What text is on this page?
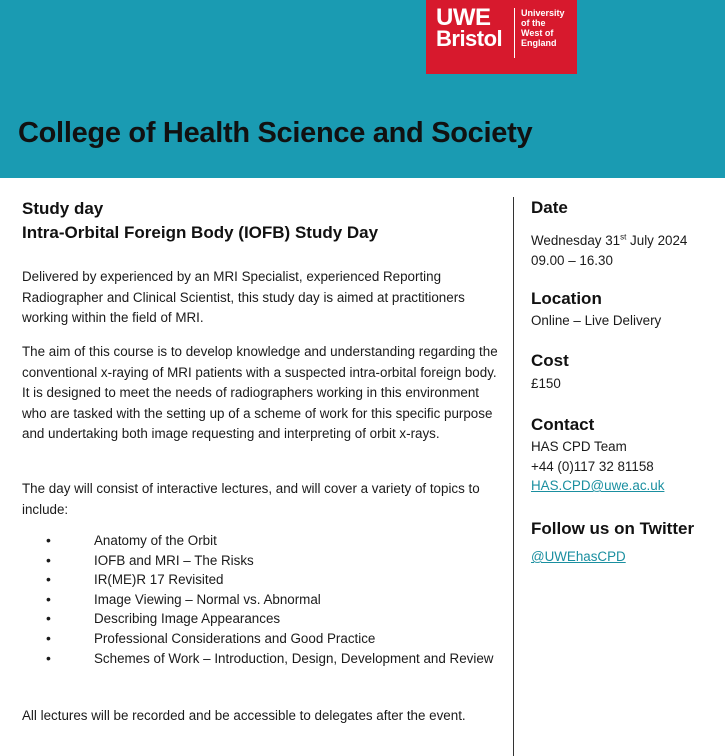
UWE
Bristol
University
of the
West of
England
College of Health Science and Society

Study day

Intra-Orbital Foreign Body (IOFB) Study Day

Delivered by experienced by an MRI Specialist, experienced Reporting Radiographer and Clinical Scientist, this study day is aimed at practitioners working within the field of MRI.

The aim of this course is to develop knowledge and understanding regarding the conventional x-raying of MRI patients with a suspected intra-orbital foreign body. It is designed to meet the needs of radiographers working in this environment who are tasked with the setting up of a scheme of work for this specific purpose and undertaking both image requesting and interpreting of orbit x-rays.

The day will consist of interactive lectures, and will cover a variety of topics to include:

•	Anatomy of the Orbit
•	IOFB and MRI – The Risks
•	IR(ME)R 17 Revisited
•	Image Viewing – Normal vs. Abnormal
•	Describing Image Appearances
•	Professional Considerations and Good Practice
•	Schemes of Work – Introduction, Design, Development and Review

All lectures will be recorded and be accessible to delegates after the event.

Date

Wednesday 31st July 2024
09.00 – 16.30

Location

Online – Live Delivery

Cost

£150

Contact

HAS CPD Team
+44 (0)117 32 81158
HAS.CPD@uwe.ac.uk

Follow us on Twitter

@UWEhasCPD
